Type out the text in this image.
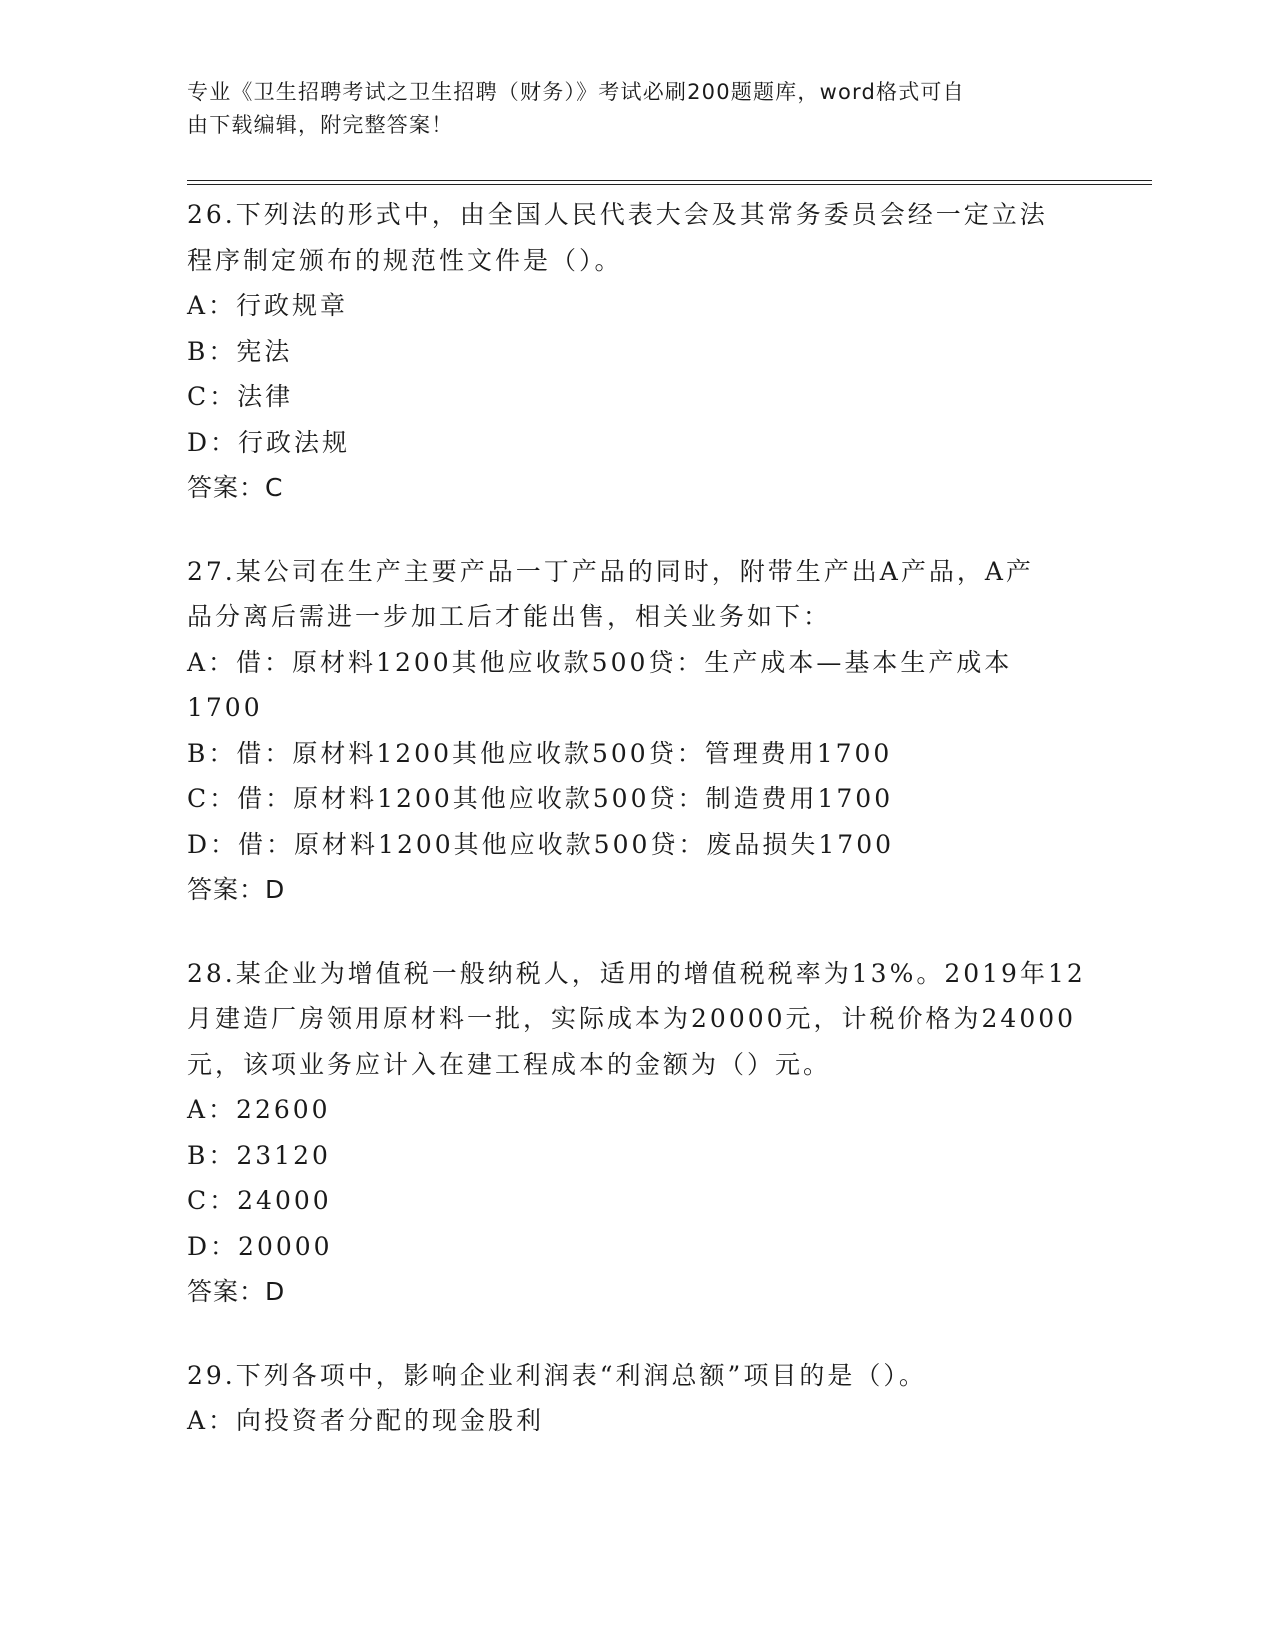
专业《卫生招聘考试之卫生招聘（财务）》考试必刷200题题库，word格式可自
由下载编辑，附完整答案！
26.下列法的形式中，由全国人民代表大会及其常务委员会经一定立法
程序制定颁布的规范性文件是（）。
A：行政规章
B：宪法
C：法律
D：行政法规
答案：C
27.某公司在生产主要产品一丁产品的同时，附带生产出A产品，A产
品分离后需进一步加工后才能出售，相关业务如下：
A：借：原材料1200其他应收款500贷：生产成本—基本生产成本
1700
B：借：原材料1200其他应收款500贷：管理费用1700
C：借：原材料1200其他应收款500贷：制造费用1700
D：借：原材料1200其他应收款500贷：废品损失1700
答案：D
28.某企业为增值税一般纳税人，适用的增值税税率为13%。2019年12
月建造厂房领用原材料一批，实际成本为20000元，计税价格为24000
元，该项业务应计入在建工程成本的金额为（）元。
A：22600
B：23120
C：24000
D：20000
答案：D
29.下列各项中，影响企业利润表“利润总额”项目的是（）。
A：向投资者分配的现金股利
